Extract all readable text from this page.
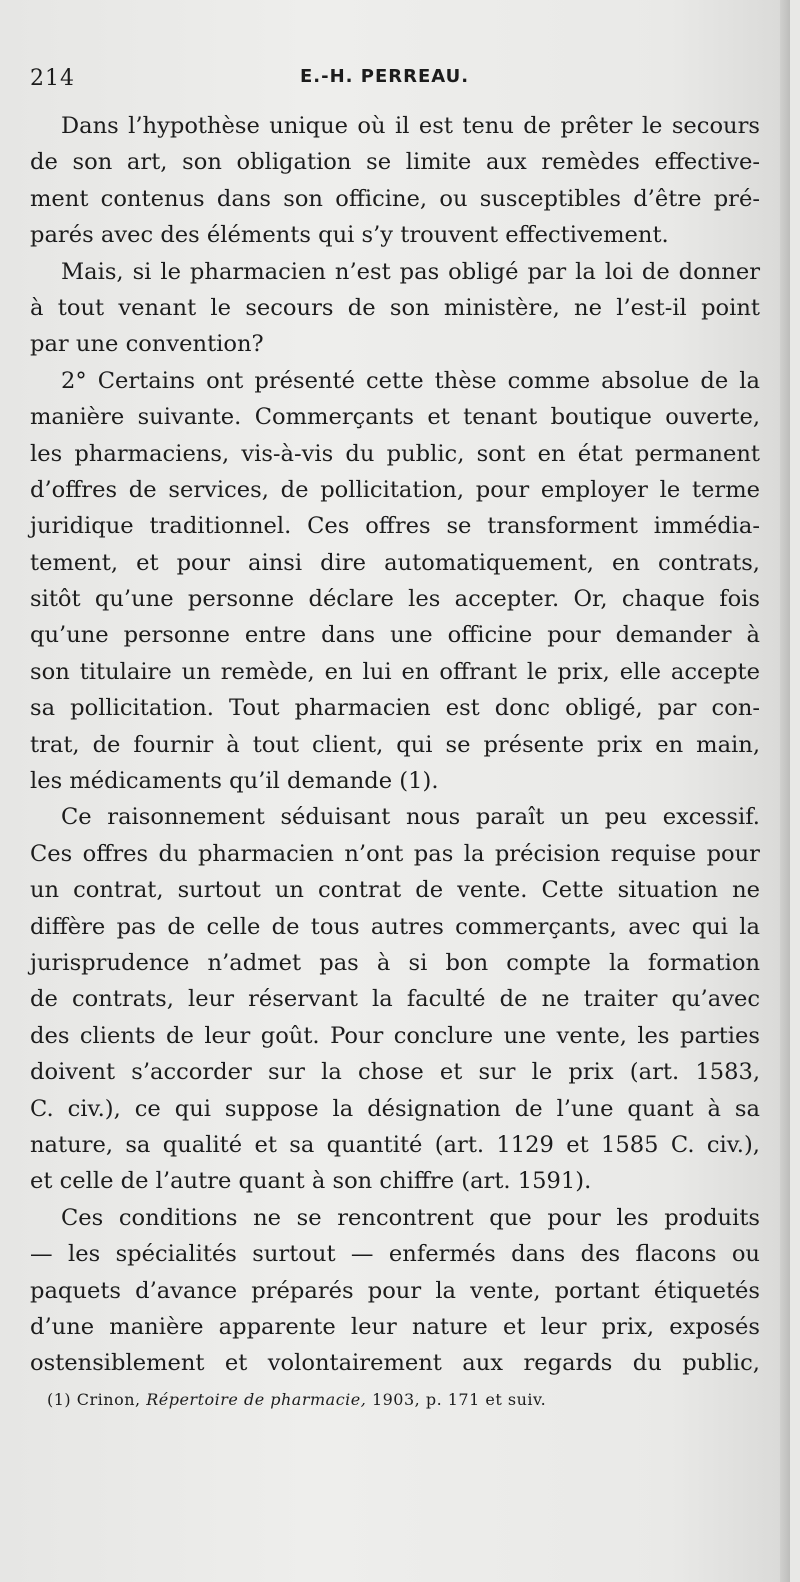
214	E.-H. PERREAU.
Dans l’hypothèse unique où il est tenu de prêter le secours
de son art, son obligation se limite aux remèdes effective-
ment contenus dans son officine, ou susceptibles d’être pré-
parés avec des éléments qui s’y trouvent effectivement.
Mais, si le pharmacien n’est pas obligé par la loi de donner
à tout venant le secours de son ministère, ne l’est-il point
par une convention?
2° Certains ont présenté cette thèse comme absolue de la
manière suivante. Commerçants et tenant boutique ouverte,
les pharmaciens, vis-à-vis du public, sont en état permanent
d’offres de services, de pollicitation, pour employer le terme
juridique traditionnel. Ces offres se transforment immédia-
tement, et pour ainsi dire automatiquement, en contrats,
sitôt qu’une personne déclare les accepter. Or, chaque fois
qu’une personne entre dans une officine pour demander à
son titulaire un remède, en lui en offrant le prix, elle accepte
sa pollicitation. Tout pharmacien est donc obligé, par con-
trat, de fournir à tout client, qui se présente prix en main,
les médicaments qu’il demande (1).
Ce raisonnement séduisant nous paraît un peu excessif.
Ces offres du pharmacien n’ont pas la précision requise pour
un contrat, surtout un contrat de vente. Cette situation ne
diffère pas de celle de tous autres commerçants, avec qui la
jurisprudence n’admet pas à si bon compte la formation
de contrats, leur réservant la faculté de ne traiter qu’avec
des clients de leur goût. Pour conclure une vente, les parties
doivent s’accorder sur la chose et sur le prix (art. 1583,
C. civ.), ce qui suppose la désignation de l’une quant à sa
nature, sa qualité et sa quantité (art. 1129 et 1585 C. civ.),
et celle de l’autre quant à son chiffre (art. 1591).
Ces conditions ne se rencontrent que pour les produits
— les spécialités surtout — enfermés dans des flacons ou
paquets d’avance préparés pour la vente, portant étiquetés
d’une manière apparente leur nature et leur prix, exposés
ostensiblement et volontairement aux regards du public,
(1) Crinon, Répertoire de pharmacie, 1903, p. 171 et suiv.
